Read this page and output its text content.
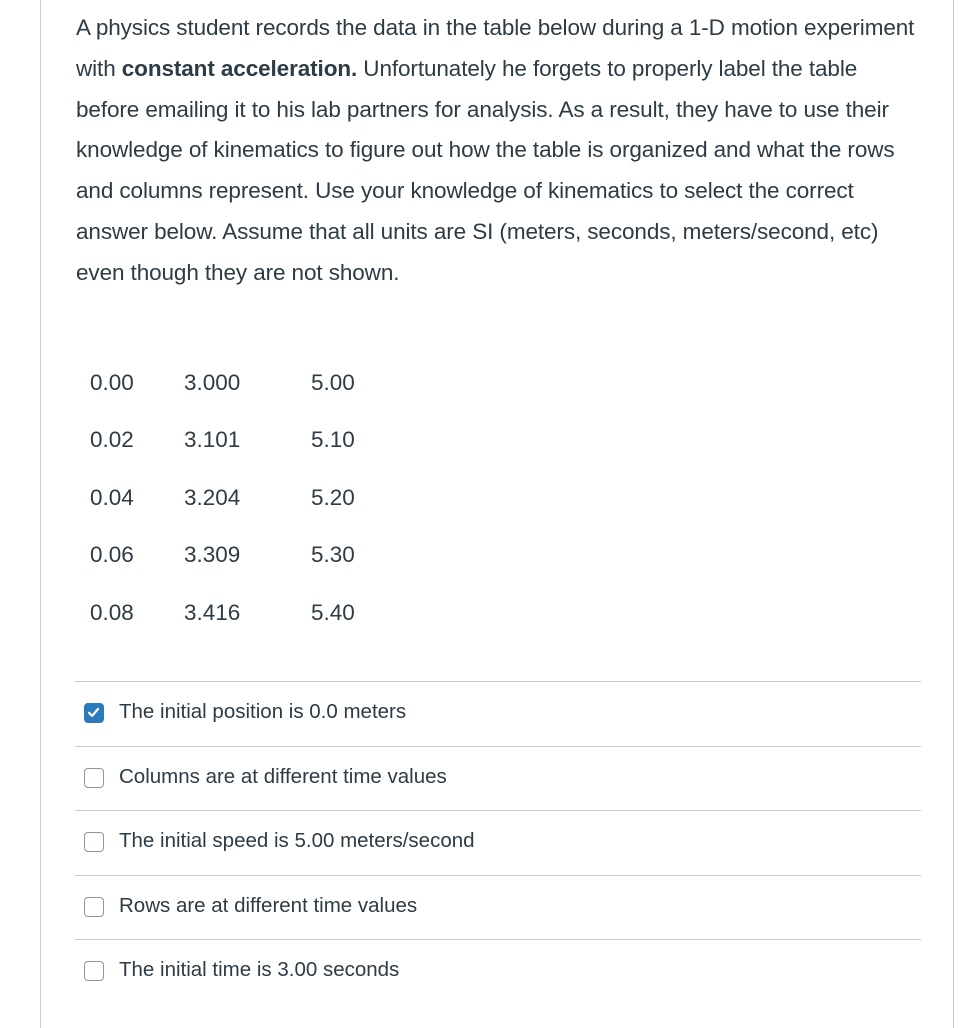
A physics student records the data in the table below during a 1-D motion experiment with constant acceleration. Unfortunately he forgets to properly label the table before emailing it to his lab partners for analysis. As a result, they have to use their knowledge of kinematics to figure out how the table is organized and what the rows and columns represent. Use your knowledge of kinematics to select the correct answer below. Assume that all units are SI (meters, seconds, meters/second, etc) even though they are not shown.
0.00	3.000	5.00
0.02	3.101	5.10
0.04	3.204	5.20
0.06	3.309	5.30
0.08	3.416	5.40
The initial position is 0.0 meters
Columns are at different time values
The initial speed is 5.00 meters/second
Rows are at different time values
The initial time is 3.00 seconds
